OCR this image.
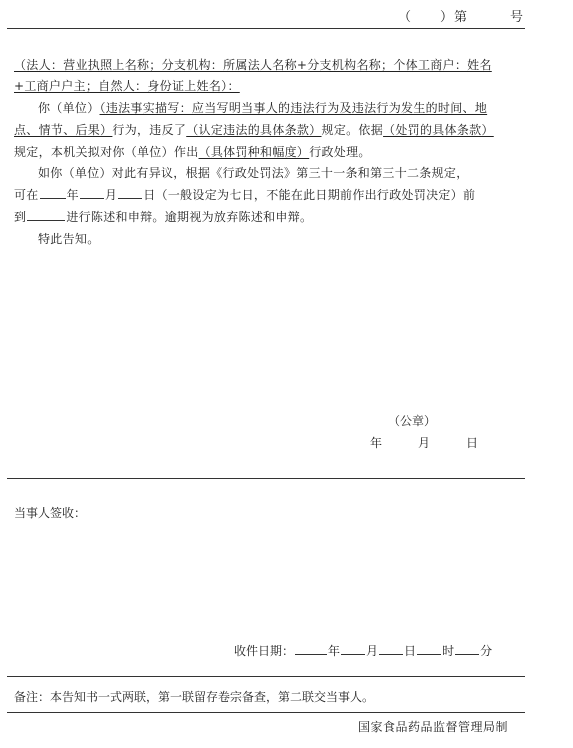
（　　）第　　　号
（法人：营业执照上名称；分支机构：所属法人名称+分支机构名称；个体工商户：姓名
+工商户户主；自然人：身份证上姓名）：
你（单位）（违法事实描写：应当写明当事人的违法行为及违法行为发生的时间、地
点、情节、后果）行为，违反了（认定违法的具体条款）规定。依据（处罚的具体条款）
规定，本机关拟对你（单位）作出（具体罚种和幅度）行政处理。
如你（单位）对此有异议，根据《行政处罚法》第三十一条和第三十二条规定，
可在 年 月 日（一般设定为七日，不能在此日期前作出行政处罚决定）前
到	进行陈述和申辩。逾期视为放弃陈述和申辩。
特此告知。
（公章）
年	月	日
当事人签收：
收件日期：	年 月 日 时 分
备注：本告知书一式两联，第一联留存卷宗备查，第二联交当事人。
国家食品药品监督管理局制
